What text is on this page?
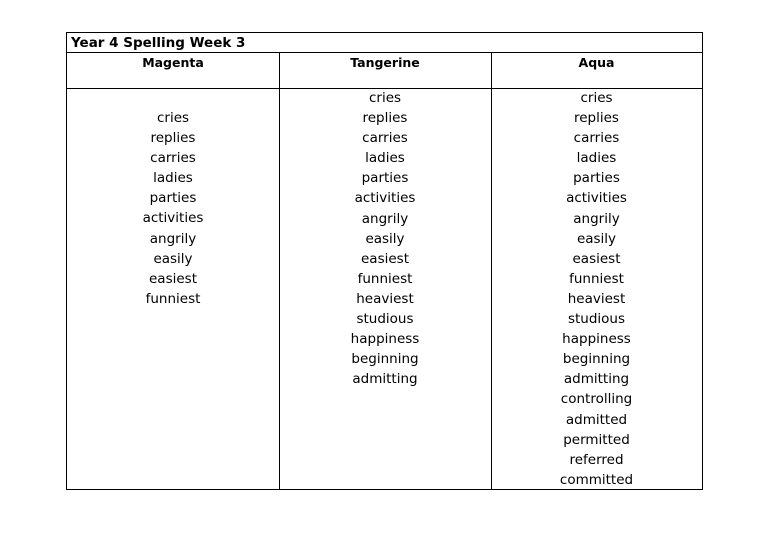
Year 4 Spelling Week 3
Magenta
cries
replies
carries
ladies
parties
activities
angrily
easily
easiest
funniest
Tangerine
cries
replies
carries
ladies
parties
activities
angrily
easily
easiest
funniest
heaviest
studious
happiness
beginning
admitting
Aqua
cries
replies
carries
ladies
parties
activities
angrily
easily
easiest
funniest
heaviest
studious
happiness
beginning
admitting
controlling
admitted
permitted
referred
committed
